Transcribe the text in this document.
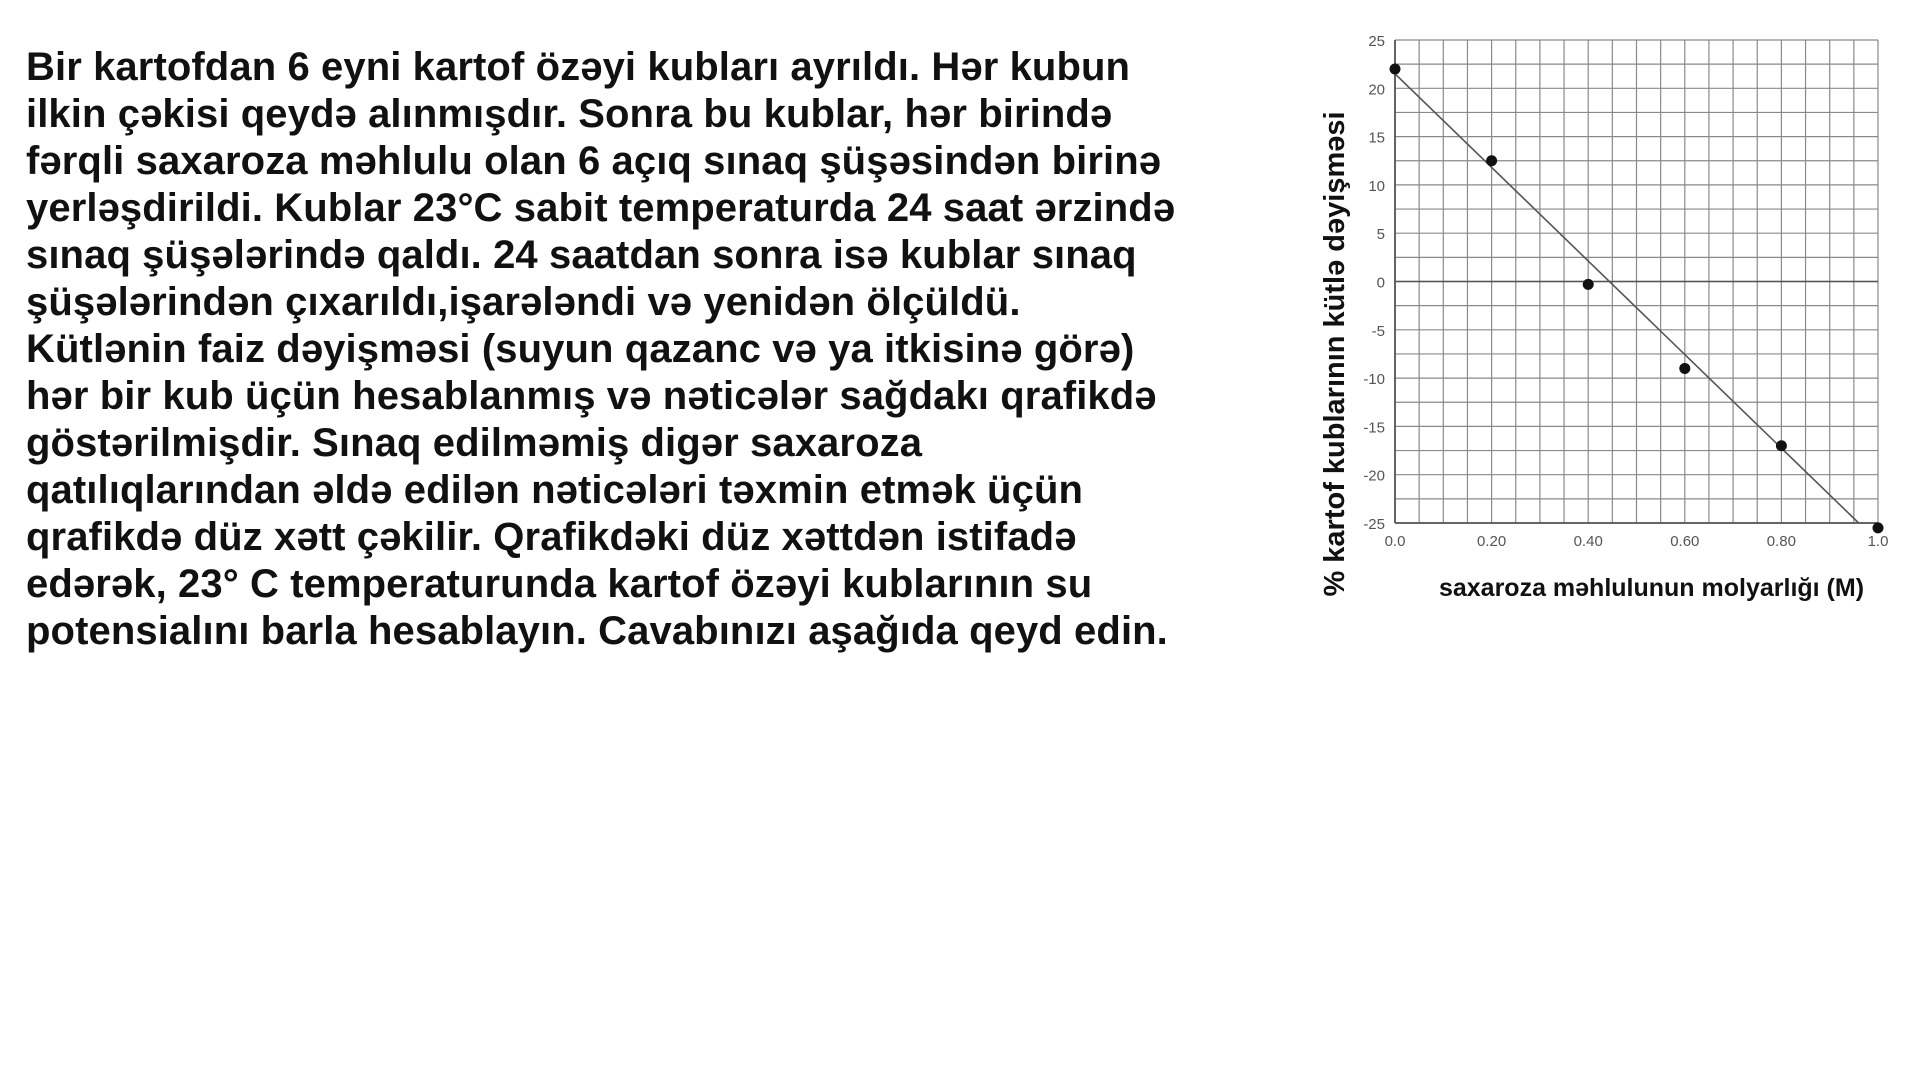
Bir kartofdan 6 eyni kartof özəyi kubları ayrıldı. Hər kubun
ilkin çəkisi qeydə alınmışdır. Sonra bu kublar, hər birində
fərqli saxaroza məhlulu olan 6 açıq sınaq şüşəsindən birinə
yerləşdirildi. Kublar 23°C sabit temperaturda 24 saat ərzində
sınaq şüşələrində qaldı. 24 saatdan sonra isə kublar sınaq
şüşələrindən çıxarıldı,işarələndi və yenidən ölçüldü.
Kütlənin faiz dəyişməsi (suyun qazanc və ya itkisinə görə)
hər bir kub üçün hesablanmış və nəticələr sağdakı qrafikdə
göstərilmişdir. Sınaq edilməmiş digər saxaroza
qatılıqlarından əldə edilən nəticələri təxmin etmək üçün
qrafikdə düz xətt çəkilir. Qrafikdəki düz xəttdən istifadə
edərək, 23° C temperaturunda kartof özəyi kublarının su
potensialını barla hesablayın. Cavabınızı aşağıda qeyd edin.
25
20
15
10
5
0
-5
-10
-15
-20
-25
0.0	0.20	0.40	0.60	0.80	1.0
saxaroza məhlulunun molyarlığı (M)
% kartof kublarının kütlə dəyişməsi
